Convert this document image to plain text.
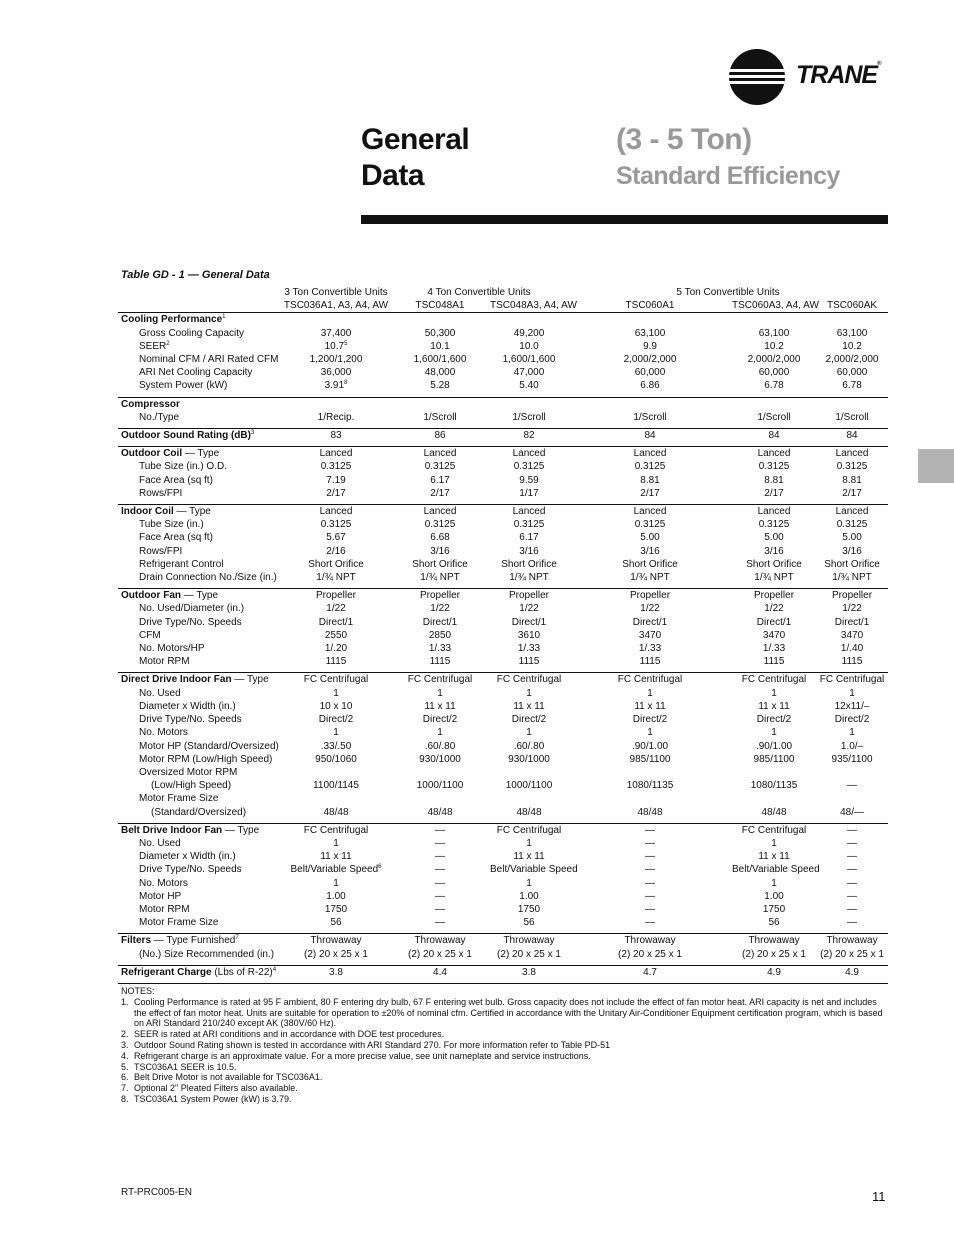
TRANE®
General
Data
(3 - 5 Ton)
Standard Efficiency
Table GD - 1 — General Data
	3 Ton Convertible Units	4 Ton Convertible Units		5 Ton Convertible Units		
	TSC036A1, A3, A4, AW	TSC048A1	TSC048A3, A4, AW	TSC060A1	TSC060A3, A4, AW	TSC060AK
Cooling Performance$^1$						
Gross Cooling Capacity	37,400	50,300	49,200	63,100	63,100	63,100
SEER$^2$	10.7$^5$	10.1	10.0	9.9	10.2	10.2
Nominal CFM / ARI Rated CFM	1,200/1,200	1,600/1,600	1,600/1,600	2,000/2,000	2,000/2,000	2,000/2,000
ARI Net Cooling Capacity	36,000	48,000	47,000	60,000	60,000	60,000
System Power (kW)	3.91$^8$	5.28	5.40	6.86	6.78	6.78

Compressor						
No./Type	1/Recip.	1/Scroll	1/Scroll	1/Scroll	1/Scroll	1/Scroll

Outdoor Sound Rating (dB)$^3$	83	86	82	84	84	84

Outdoor Coil — Type	Lanced	Lanced	Lanced	Lanced	Lanced	Lanced
Tube Size (in.) O.D.	0.3125	0.3125	0.3125	0.3125	0.3125	0.3125
Face Area (sq ft)	7.19	6.17	9.59	8.81	8.81	8.81
Rows/FPI	2/17	2/17	1/17	2/17	2/17	2/17

Indoor Coil — Type	Lanced	Lanced	Lanced	Lanced	Lanced	Lanced
Tube Size (in.)	0.3125	0.3125	0.3125	0.3125	0.3125	0.3125
Face Area (sq ft)	5.67	6.68	6.17	5.00	5.00	5.00
Rows/FPI	2/16	3/16	3/16	3/16	3/16	3/16
Refrigerant Control	Short Orifice	Short Orifice	Short Orifice	Short Orifice	Short Orifice	Short Orifice
Drain Connection No./Size (in.)	1/¾ NPT	1/¾ NPT	1/¾ NPT	1/¾ NPT	1/¾ NPT	1/¾ NPT

Outdoor Fan — Type	Propeller	Propeller	Propeller	Propeller	Propeller	Propeller
No. Used/Diameter (in.)	1/22	1/22	1/22	1/22	1/22	1/22
Drive Type/No. Speeds	Direct/1	Direct/1	Direct/1	Direct/1	Direct/1	Direct/1
CFM	2550	2850	3610	3470	3470	3470
No. Motors/HP	1/.20	1/.33	1/.33	1/.33	1/.33	1/.40
Motor RPM	1115	1115	1115	1115	1115	1115

Direct Drive Indoor Fan — Type	FC Centrifugal	FC Centrifugal	FC Centrifugal	FC Centrifugal	FC Centrifugal	FC Centrifugal
No. Used	1	1	1	1	1	1
Diameter x Width (in.)	10 x 10	11 x 11	11 x 11	11 x 11	11 x 11	12x11/–
Drive Type/No. Speeds	Direct/2	Direct/2	Direct/2	Direct/2	Direct/2	Direct/2
No. Motors	1	1	1	1	1	1
Motor HP (Standard/Oversized)	.33/.50	.60/.80	.60/.80	.90/1.00	.90/1.00	1.0/–
Motor RPM (Low/High Speed)	950/1060	930/1000	930/1000	985/1100	985/1100	935/1100
Oversized Motor RPM						
(Low/High Speed)	1100/1145	1000/1100	1000/1100	1080/1135	1080/1135	—
Motor Frame Size						
(Standard/Oversized)	48/48	48/48	48/48	48/48	48/48	48/—

Belt Drive Indoor Fan — Type	FC Centrifugal	—	FC Centrifugal	—	FC Centrifugal	—
No. Used	1	—	1	—	1	—
Diameter x Width (in.)	11 x 11	—	11 x 11	—	11 x 11	—
Drive Type/No. Speeds	Belt/Variable Speed$^6$	—	Belt/Variable Speed	—	Belt/Variable Speed	—
No. Motors	1	—	1	—	1	—
Motor HP	1.00	—	1.00	—	1.00	—
Motor RPM	1750	—	1750	—	1750	—
Motor Frame Size	56	—	56	—	56	—

Filters — Type Furnished$^7$	Throwaway	Throwaway	Throwaway	Throwaway	Throwaway	Throwaway
(No.) Size Recommended (in.)	(2) 20 x 25 x 1	(2) 20 x 25 x 1	(2) 20 x 25 x 1	(2) 20 x 25 x 1	(2) 20 x 25 x 1	(2) 20 x 25 x 1

Refrigerant Charge (Lbs of R-22)$^4$	3.8	4.4	3.8	4.7	4.9	4.9

NOTES:
1. Cooling Performance is rated at 95 F ambient, 80 F entering dry bulb, 67 F entering wet bulb. Gross capacity does not include the effect of fan motor heat. ARI capacity is net and includes the effect of fan motor heat. Units are suitable for operation to ±20% of nominal cfm. Certified in accordance with the Unitary Air-Conditioner Equipment certification program, which is based on ARI Standard 210/240 except AK (380V/60 Hz).
2. SEER is rated at ARI conditions and in accordance with DOE test procedures.
3. Outdoor Sound Rating shown is tested in accordance with ARI Standard 270. For more information refer to Table PD-51
4. Refrigerant charge is an approximate value. For a more precise value, see unit nameplate and service instructions.
5. TSC036A1 SEER is 10.5.
6. Belt Drive Motor is not available for TSC036A1.
7. Optional 2" Pleated Filters also available.
8. TSC036A1 System Power (kW) is 3.79.
RT-PRC005-EN	11
